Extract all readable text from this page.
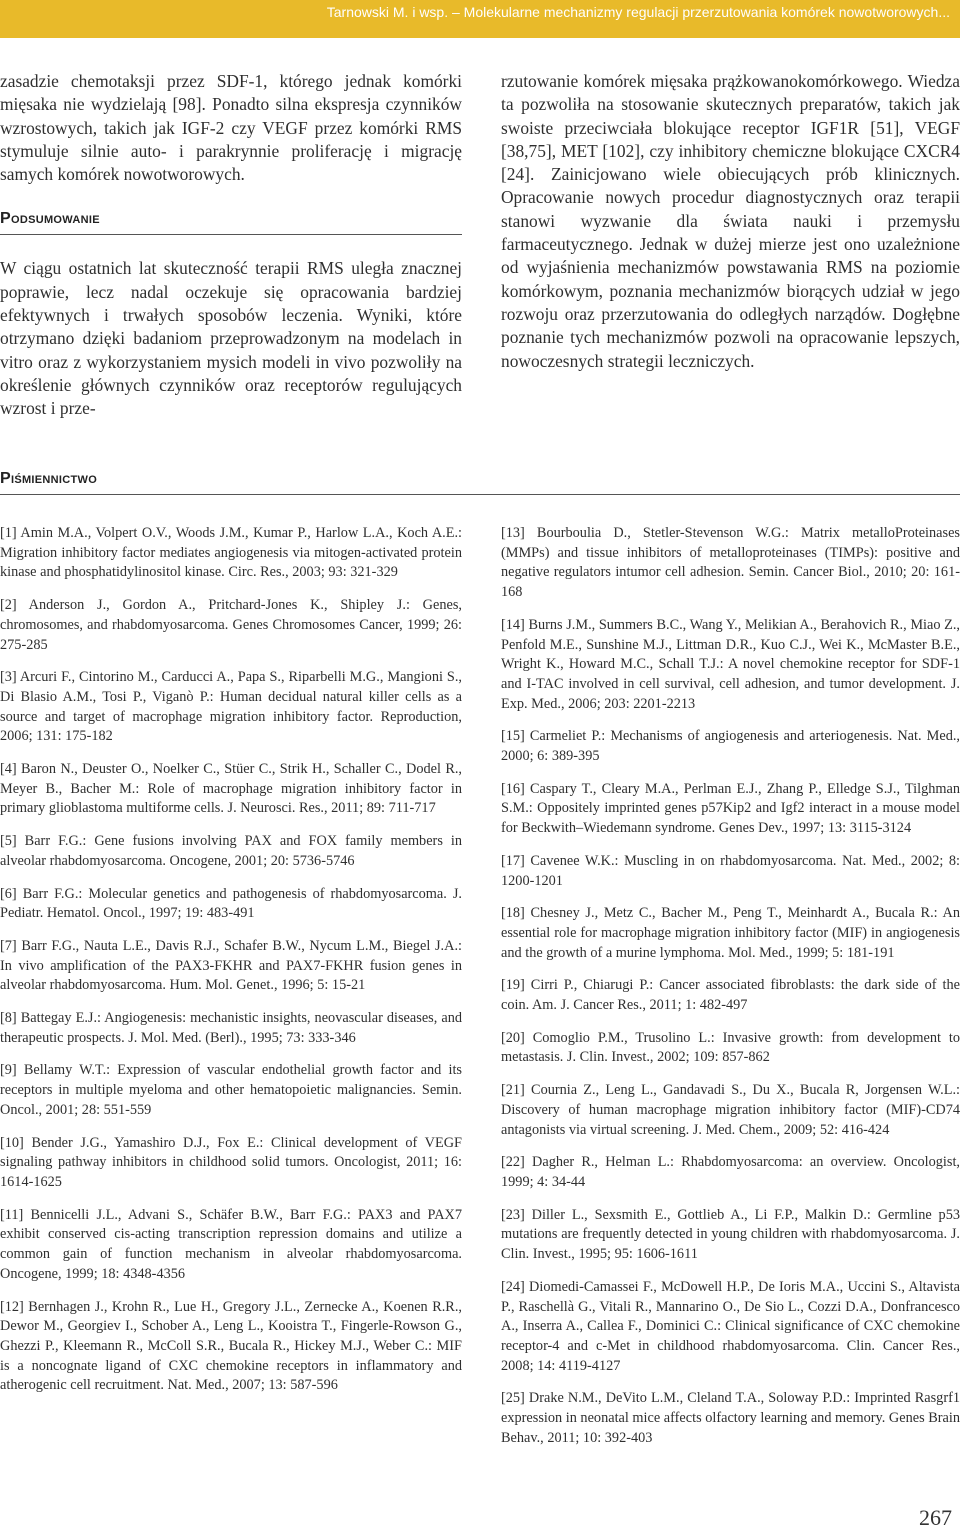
Tarnowski M. i wsp. – Molekularne mechanizmy regulacji przerzutowania komórek nowotworowych...

zasadzie chemotaksji przez SDF-1, którego jednak komórki mięsaka nie wydzielają [98]. Ponadto silna ekspresja czynników wzrostowych, takich jak IGF-2 czy VEGF przez komórki RMS stymuluje silnie auto- i parakrynnie proliferację i migrację samych komórek nowotworowych.

Podsumowanie

W ciągu ostatnich lat skuteczność terapii RMS uległa znacznej poprawie, lecz nadal oczekuje się opracowania bardziej efektywnych i trwałych sposobów leczenia. Wyniki, które otrzymano dzięki badaniom przeprowadzonym na modelach in vitro oraz z wykorzystaniem mysich modeli in vivo pozwoliły na określenie głównych czynników oraz receptorów regulujących wzrost i prze-

rzutowanie komórek mięsaka prążkowanokomórkowego. Wiedza ta pozwoliła na stosowanie skutecznych preparatów, takich jak swoiste przeciwciała blokujące receptor IGF1R [51], VEGF [38,75], MET [102], czy inhibitory chemiczne blokujące CXCR4 [24]. Zainicjowano wiele obiecujących prób klinicznych. Opracowanie nowych procedur diagnostycznych oraz terapii stanowi wyzwanie dla świata nauki i przemysłu farmaceutycznego. Jednak w dużej mierze jest ono uzależnione od wyjaśnienia mechanizmów powstawania RMS na poziomie komórkowym, poznania mechanizmów biorących udział w jego rozwoju oraz przerzutowania do odległych narządów. Dogłębne poznanie tych mechanizmów pozwoli na opracowanie lepszych, nowoczesnych strategii leczniczych.

Piśmiennictwo

[1] Amin M.A., Volpert O.V., Woods J.M., Kumar P., Harlow L.A., Koch A.E.: Migration inhibitory factor mediates angiogenesis via mitogen-activated protein kinase and phosphatidylinositol kinase. Circ. Res., 2003; 93: 321-329

[2] Anderson J., Gordon A., Pritchard-Jones K., Shipley J.: Genes, chromosomes, and rhabdomyosarcoma. Genes Chromosomes Cancer, 1999; 26: 275-285

[3] Arcuri F., Cintorino M., Carducci A., Papa S., Riparbelli M.G., Mangioni S., Di Blasio A.M., Tosi P., Viganò P.: Human decidual natural killer cells as a source and target of macrophage migration inhibitory factor. Reproduction, 2006; 131: 175-182

[4] Baron N., Deuster O., Noelker C., Stüer C., Strik H., Schaller C., Dodel R., Meyer B., Bacher M.: Role of macrophage migration inhibitory factor in primary glioblastoma multiforme cells. J. Neurosci. Res., 2011; 89: 711-717

[5] Barr F.G.: Gene fusions involving PAX and FOX family members in alveolar rhabdomyosarcoma. Oncogene, 2001; 20: 5736-5746

[6] Barr F.G.: Molecular genetics and pathogenesis of rhabdomyosarcoma. J. Pediatr. Hematol. Oncol., 1997; 19: 483-491

[7] Barr F.G., Nauta L.E., Davis R.J., Schafer B.W., Nycum L.M., Biegel J.A.: In vivo amplification of the PAX3-FKHR and PAX7-FKHR fusion genes in alveolar rhabdomyosarcoma. Hum. Mol. Genet., 1996; 5: 15-21

[8] Battegay E.J.: Angiogenesis: mechanistic insights, neovascular diseases, and therapeutic prospects. J. Mol. Med. (Berl)., 1995; 73: 333-346

[9] Bellamy W.T.: Expression of vascular endothelial growth factor and its receptors in multiple myeloma and other hematopoietic malignancies. Semin. Oncol., 2001; 28: 551-559

[10] Bender J.G., Yamashiro D.J., Fox E.: Clinical development of VEGF signaling pathway inhibitors in childhood solid tumors. Oncologist, 2011; 16: 1614-1625

[11] Bennicelli J.L., Advani S., Schäfer B.W., Barr F.G.: PAX3 and PAX7 exhibit conserved cis-acting transcription repression domains and utilize a common gain of function mechanism in alveolar rhabdomyosarcoma. Oncogene, 1999; 18: 4348-4356

[12] Bernhagen J., Krohn R., Lue H., Gregory J.L., Zernecke A., Koenen R.R., Dewor M., Georgiev I., Schober A., Leng L., Kooistra T., Fingerle-Rowson G., Ghezzi P., Kleemann R., McColl S.R., Bucala R., Hickey M.J., Weber C.: MIF is a noncognate ligand of CXC chemokine receptors in inflammatory and atherogenic cell recruitment. Nat. Med., 2007; 13: 587-596

[13] Bourboulia D., Stetler-Stevenson W.G.: Matrix metalloProteinases (MMPs) and tissue inhibitors of metalloproteinases (TIMPs): positive and negative regulators intumor cell adhesion. Semin. Cancer Biol., 2010; 20: 161-168

[14] Burns J.M., Summers B.C., Wang Y., Melikian A., Berahovich R., Miao Z., Penfold M.E., Sunshine M.J., Littman D.R., Kuo C.J., Wei K., McMaster B.E., Wright K., Howard M.C., Schall T.J.: A novel chemokine receptor for SDF-1 and I-TAC involved in cell survival, cell adhesion, and tumor development. J. Exp. Med., 2006; 203: 2201-2213

[15] Carmeliet P.: Mechanisms of angiogenesis and arteriogenesis. Nat. Med., 2000; 6: 389-395

[16] Caspary T., Cleary M.A., Perlman E.J., Zhang P., Elledge S.J., Tilghman S.M.: Oppositely imprinted genes p57Kip2 and Igf2 interact in a mouse model for Beckwith–Wiedemann syndrome. Genes Dev., 1997; 13: 3115-3124

[17] Cavenee W.K.: Muscling in on rhabdomyosarcoma. Nat. Med., 2002; 8: 1200-1201

[18] Chesney J., Metz C., Bacher M., Peng T., Meinhardt A., Bucala R.: An essential role for macrophage migration inhibitory factor (MIF) in angiogenesis and the growth of a murine lymphoma. Mol. Med., 1999; 5: 181-191

[19] Cirri P., Chiarugi P.: Cancer associated fibroblasts: the dark side of the coin. Am. J. Cancer Res., 2011; 1: 482-497

[20] Comoglio P.M., Trusolino L.: Invasive growth: from development to metastasis. J. Clin. Invest., 2002; 109: 857-862

[21] Cournia Z., Leng L., Gandavadi S., Du X., Bucala R, Jorgensen W.L.: Discovery of human macrophage migration inhibitory factor (MIF)-CD74 antagonists via virtual screening. J. Med. Chem., 2009; 52: 416-424

[22] Dagher R., Helman L.: Rhabdomyosarcoma: an overview. Oncologist, 1999; 4: 34-44

[23] Diller L., Sexsmith E., Gottlieb A., Li F.P., Malkin D.: Germline p53 mutations are frequently detected in young children with rhabdomyosarcoma. J. Clin. Invest., 1995; 95: 1606-1611

[24] Diomedi-Camassei F., McDowell H.P., De Ioris M.A., Uccini S., Altavista P., Raschellà G., Vitali R., Mannarino O., De Sio L., Cozzi D.A., Donfrancesco A., Inserra A., Callea F., Dominici C.: Clinical significance of CXC chemokine receptor-4 and c-Met in childhood rhabdomyosarcoma. Clin. Cancer Res., 2008; 14: 4119-4127

[25] Drake N.M., DeVito L.M., Cleland T.A., Soloway P.D.: Imprinted Rasgrf1 expression in neonatal mice affects olfactory learning and memory. Genes Brain Behav., 2011; 10: 392-403

267
